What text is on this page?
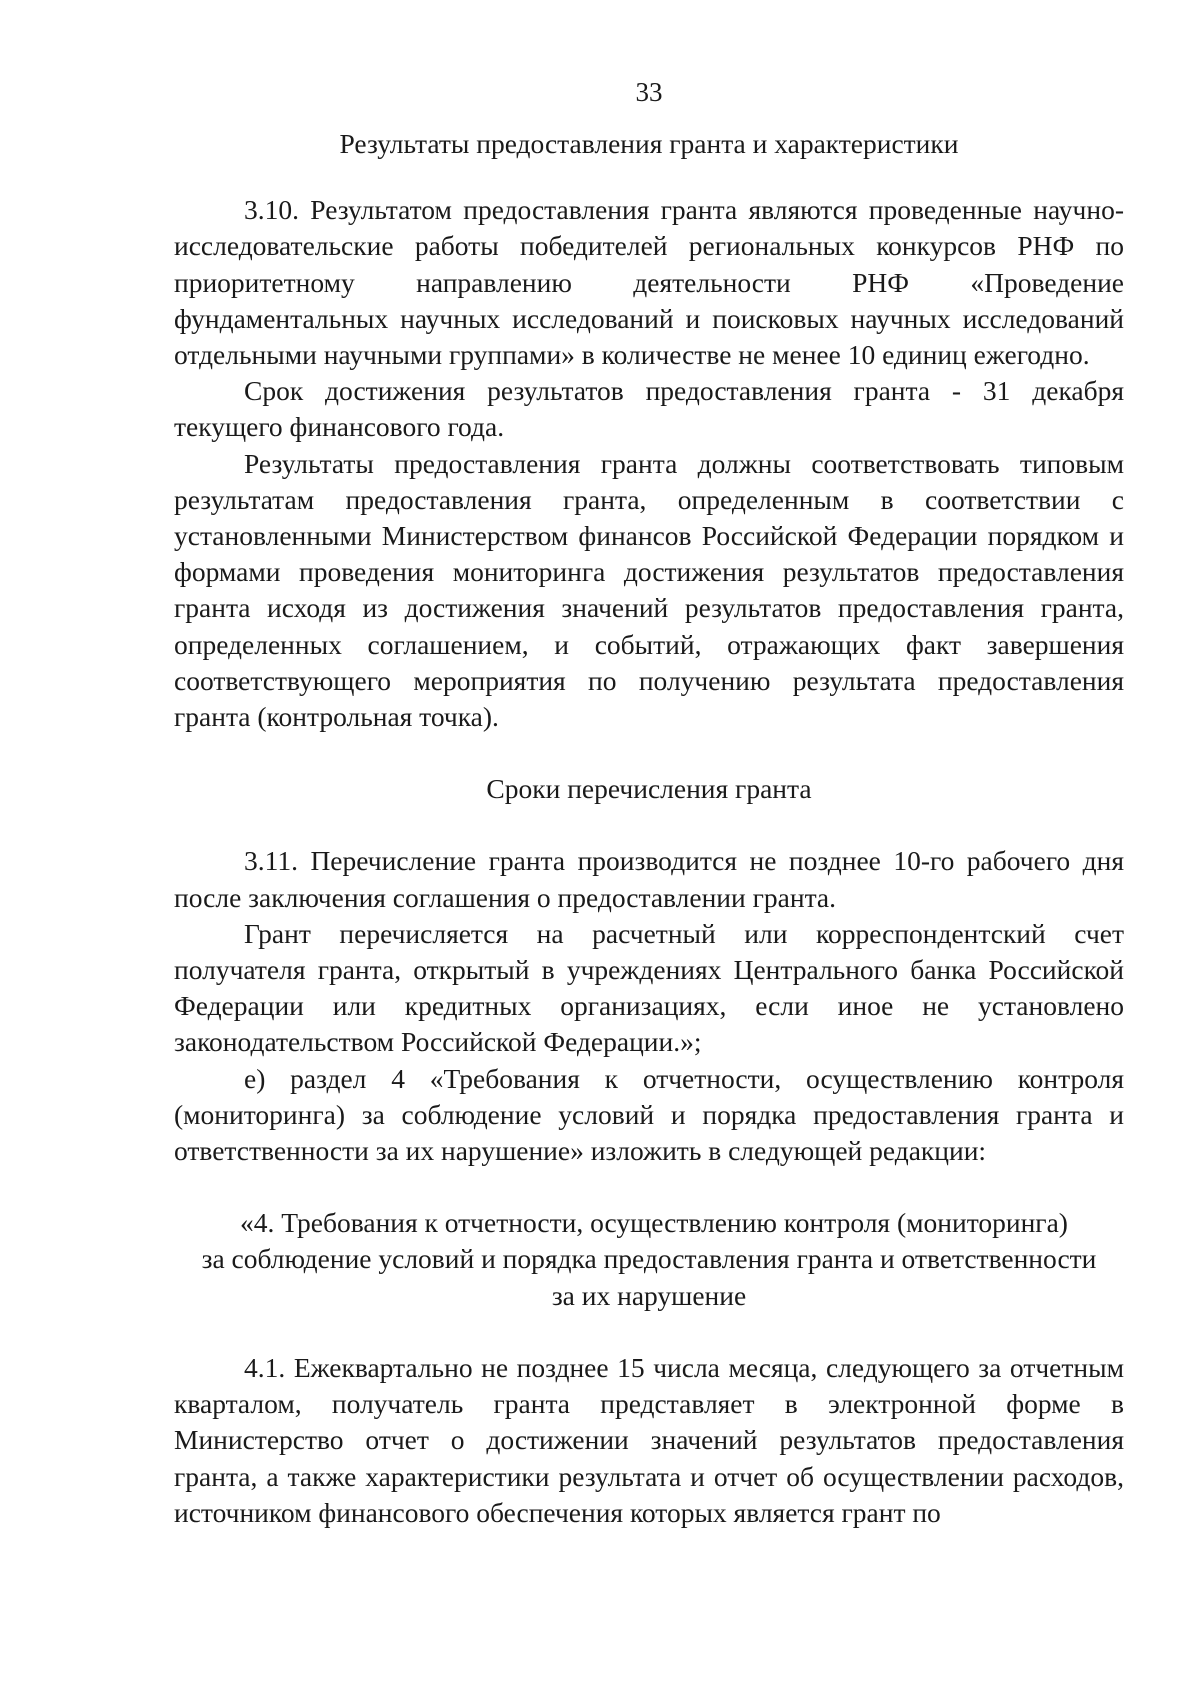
33

Результаты предоставления гранта и характеристики

3.10. Результатом предоставления гранта являются проведенные научно-исследовательские работы победителей региональных конкурсов РНФ по приоритетному направлению деятельности РНФ «Проведение фундаментальных научных исследований и поисковых научных исследований отдельными научными группами» в количестве не менее 10 единиц ежегодно.

Срок достижения результатов предоставления гранта - 31 декабря текущего финансового года.

Результаты предоставления гранта должны соответствовать типовым результатам предоставления гранта, определенным в соответствии с установленными Министерством финансов Российской Федерации порядком и формами проведения мониторинга достижения результатов предоставления гранта исходя из достижения значений результатов предоставления гранта, определенных соглашением, и событий, отражающих факт завершения соответствующего мероприятия по получению результата предоставления гранта (контрольная точка).

Сроки перечисления гранта

3.11. Перечисление гранта производится не позднее 10-го рабочего дня после заключения соглашения о предоставлении гранта.

Грант перечисляется на расчетный или корреспондентский счет получателя гранта, открытый в учреждениях Центрального банка Российской Федерации или кредитных организациях, если иное не установлено законодательством Российской Федерации.»;

е) раздел 4 «Требования к отчетности, осуществлению контроля (мониторинга) за соблюдение условий и порядка предоставления гранта и ответственности за их нарушение» изложить в следующей редакции:

«4. Требования к отчетности, осуществлению контроля (мониторинга)

за соблюдение условий и порядка предоставления гранта и ответственности

за их нарушение

4.1. Ежеквартально не позднее 15 числа месяца, следующего за отчетным кварталом, получатель гранта представляет в электронной форме в Министерство отчет о достижении значений результатов предоставления гранта, а также характеристики результата и отчет об осуществлении расходов, источником финансового обеспечения которых является грант по
